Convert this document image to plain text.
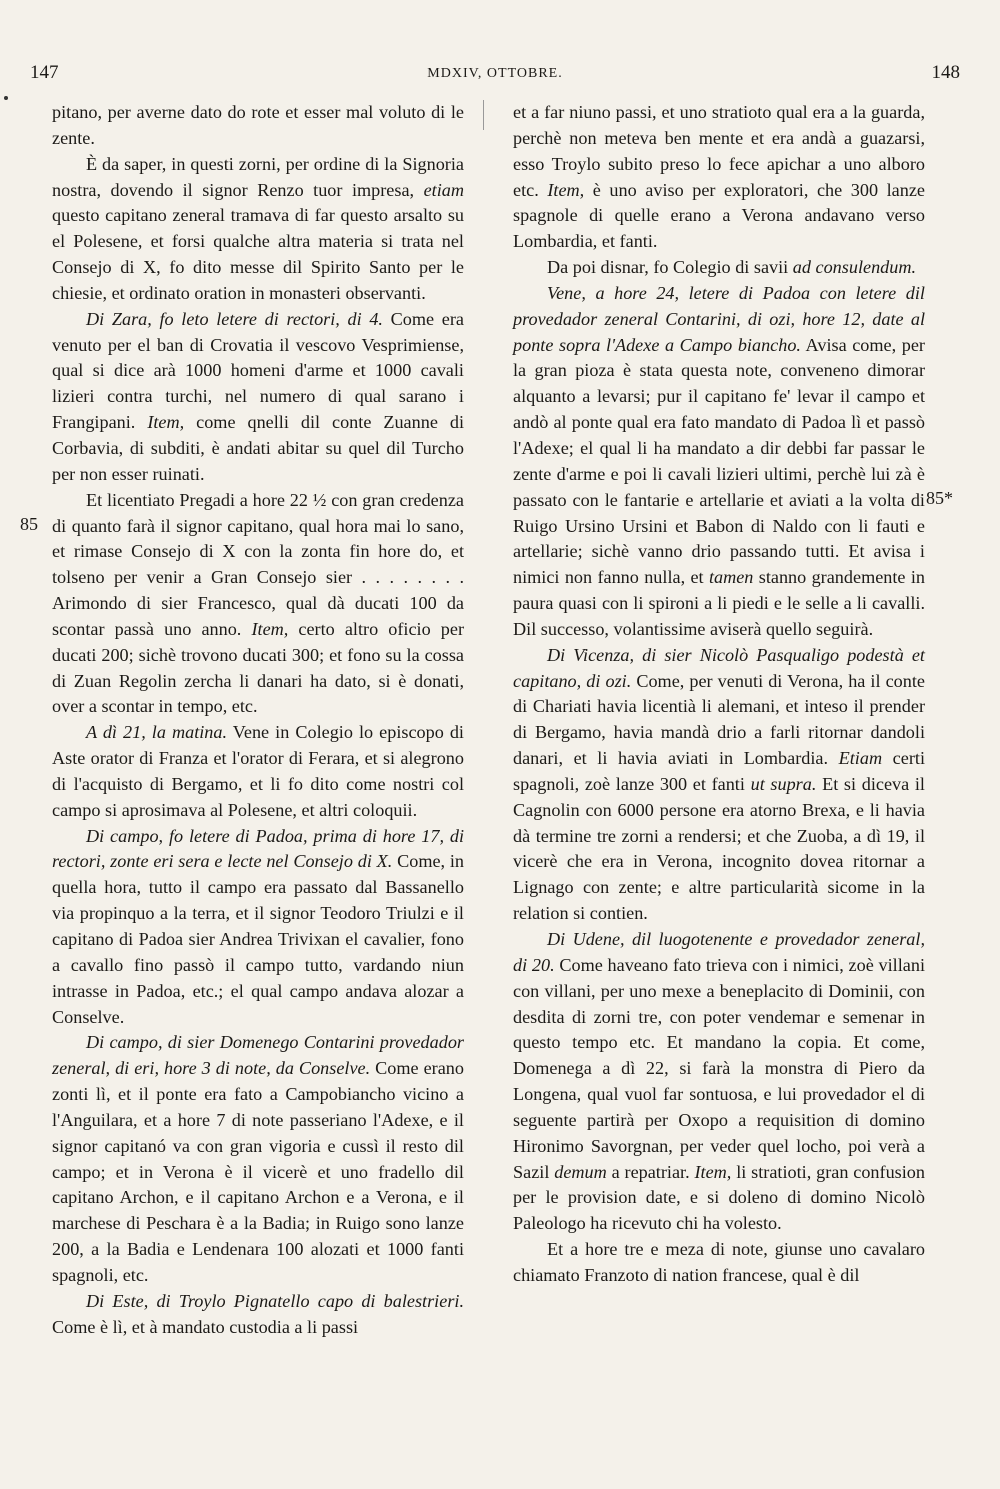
147	MDXIV, OTTOBRE.	148
85
85*

pitano, per averne dato do rote et esser mal voluto di le zente.

È da saper, in questi zorni, per ordine di la Signoria nostra, dovendo il signor Renzo tuor impresa, etiam questo capitano zeneral tramava di far questo arsalto su el Polesene, et forsi qualche altra materia si trata nel Consejo di X, fo dito messe dil Spirito Santo per le chiesie, et ordinato oration in monasteri observanti.

Di Zara, fo leto letere di rectori, di 4. Come era venuto per el ban di Crovatia il vescovo Vesprimiense, qual si dice arà 1000 homeni d'arme et 1000 cavali lizieri contra turchi, nel numero di qual sarano i Frangipani. Item, come qnelli dil conte Zuanne di Corbavia, di subditi, è andati abitar su quel dil Turcho per non esser ruinati.

Et licentiato Pregadi a hore 22 ½ con gran credenza di quanto farà il signor capitano, qual hora mai lo sano, et rimase Consejo di X con la zonta fin hore do, et tolseno per venir a Gran Consejo sier . . . . . . . . Arimondo di sier Francesco, qual dà ducati 100 da scontar passà uno anno. Item, certo altro oficio per ducati 200; sichè trovono ducati 300; et fono su la cossa di Zuan Regolin zercha li danari ha dato, si è donati, over a scontar in tempo, etc.

A dì 21, la matina. Vene in Colegio lo episcopo di Aste orator di Franza et l'orator di Ferara, et si alegrono di l'acquisto di Bergamo, et li fo dito come nostri col campo si aprosimava al Polesene, et altri coloquii.

Di campo, fo letere di Padoa, prima di hore 17, di rectori, zonte eri sera e lecte nel Consejo di X. Come, in quella hora, tutto il campo era passato dal Bassanello via propinquo a la terra, et il signor Teodoro Triulzi e il capitano di Padoa sier Andrea Trivixan el cavalier, fono a cavallo fino passò il campo tutto, vardando niun intrasse in Padoa, etc.; el qual campo andava alozar a Conselve.

Di campo, di sier Domenego Contarini provedador zeneral, di eri, hore 3 di note, da Conselve. Come erano zonti lì, et il ponte era fato a Campobiancho vicino a l'Anguilara, et a hore 7 di note passeriano l'Adexe, e il signor capitanó va con gran vigoria e cussì il resto dil campo; et in Verona è il vicerè et uno fradello dil capitano Archon, e il capitano Archon e a Verona, e il marchese di Peschara è a la Badia; in Ruigo sono lanze 200, a la Badia e Lendenara 100 alozati et 1000 fanti spagnoli, etc.

Di Este, di Troylo Pignatello capo di balestrieri. Come è lì, et à mandato custodia a li passi

et a far niuno passi, et uno stratioto qual era a la guarda, perchè non meteva ben mente et era andà a guazarsi, esso Troylo subito preso lo fece apichar a uno alboro etc. Item, è uno aviso per exploratori, che 300 lanze spagnole di quelle erano a Verona andavano verso Lombardia, et fanti.

Da poi disnar, fo Colegio di savii ad consulendum.

Vene, a hore 24, letere di Padoa con letere dil provedador zeneral Contarini, di ozi, hore 12, date al ponte sopra l'Adexe a Campo biancho. Avisa come, per la gran pioza è stata questa note, conveneno dimorar alquanto a levarsi; pur il capitano fe' levar il campo et andò al ponte qual era fato mandato di Padoa lì et passò l'Adexe; el qual li ha mandato a dir debbi far passar le zente d'arme e poi li cavali lizieri ultimi, perchè lui zà è passato con le fantarie e artellarie et aviati a la volta di Ruigo Ursino Ursini et Babon di Naldo con li fauti e artellarie; sichè vanno drio passando tutti. Et avisa i nimici non fanno nulla, et tamen stanno grandemente in paura quasi con li spironi a li piedi e le selle a li cavalli. Dil successo, volantissime aviserà quello seguirà.

Di Vicenza, di sier Nicolò Pasqualigo podestà et capitano, di ozi. Come, per venuti di Verona, ha il conte di Chariati havia licentià li alemani, et inteso il prender di Bergamo, havia mandà drio a farli ritornar dandoli danari, et li havia aviati in Lombardia. Etiam certi spagnoli, zoè lanze 300 et fanti ut supra. Et si diceva il Cagnolin con 6000 persone era atorno Brexa, e li havia dà termine tre zorni a rendersi; et che Zuoba, a dì 19, il vicerè che era in Verona, incognito dovea ritornar a Lignago con zente; e altre particularità sicome in la relation si contien.

Di Udene, dil luogotenente e provedador zeneral, di 20. Come haveano fato trieva con i nimici, zoè villani con villani, per uno mexe a beneplacito di Dominii, con desdita di zorni tre, con poter vendemar e semenar in questo tempo etc. Et mandano la copia. Et come, Domenega a dì 22, si farà la monstra di Piero da Longena, qual vuol far sontuosa, e lui provedador el di seguente partirà per Oxopo a requisition di domino Hironimo Savorgnan, per veder quel locho, poi verà a Sazil demum a repatriar. Item, li stratioti, gran confusion per le provision date, e si doleno di domino Nicolò Paleologo ha ricevuto chi ha volesto.

Et a hore tre e meza di note, giunse uno cavalaro chiamato Franzoto di nation francese, qual è dil
